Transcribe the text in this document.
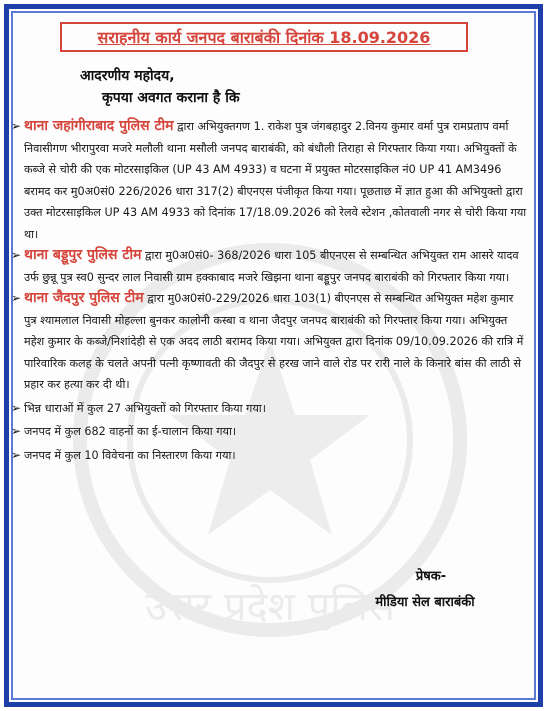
सराहनीय कार्य जनपद बाराबंकी दिनांक 18.09.2026
आदरणीय महोदय,
कृपया अवगत कराना है कि
➢ थाना जहांगीराबाद पुलिस टीम द्वारा अभियुक्तगण 1. राकेश पुत्र जंगबहादुर 2.विनय कुमार वर्मा पुत्र रामप्रताप वर्मा निवासीगण भीरापुरवा मजरे मलौली थाना मसौली जनपद बाराबंकी, को बंधौली तिराहा से गिरफ्तार किया गया। अभियुक्तों के कब्जे से चोरी की एक मोटरसाइकिल (UP 43 AM 4933) व घटना में प्रयुक्त मोटरसाइकिल नं0 UP 41 AM3496 बरामद कर मु0अ0सं0 226/2026 धारा 317(2) बीएनएस पंजीकृत किया गया। पूछताछ में ज्ञात हुआ की अभियुक्तो द्वारा उक्त मोटरसाइकिल UP 43 AM 4933 को दिनांक 17/18.09.2026 को रेलवे स्टेशन ,कोतवाली नगर से चोरी किया गया था।
➢ थाना बड्डूपुर पुलिस टीम द्वारा मु0अ0सं0- 368/2026 धारा 105 बीएनएस से सम्बन्धित अभियुक्त राम आसरे यादव उर्फ छुन्नू पुत्र स्व0 सुन्दर लाल निवासी ग्राम हक्काबाद मजरे खिझना थाना बड्डूपुर जनपद बाराबंकी को गिरफ्तार किया गया।
➢ थाना जैदपुर पुलिस टीम द्वारा मु0अ0सं0-229/2026 धारा 103(1) बीएनएस से सम्बन्धित अभियुक्त महेश कुमार पुत्र श्यामलाल निवासी मोहल्ला बुनकर कालोनी कस्बा व थाना जैदपुर जनपद बाराबंकी को गिरफ्तार किया गया। अभियुक्त महेश कुमार के कब्जे/निशांदेही से एक अदद लाठी बरामद किया गया। अभियुक्त द्वारा दिनांक 09/10.09.2026 की रात्रि में पारिवारिक कलह के चलते अपनी पत्नी कृष्णावती की जैदपुर से हरख जाने वाले रोड पर रारी नाले के किनारे बांस की लाठी से प्रहार कर हत्या कर दी थी।
➢ भिन्न धाराओं में कुल 27 अभियुक्तों को गिरफ्तार किया गया।
➢ जनपद में कुल 682 वाहनों का ई-चालान किया गया।
➢ जनपद में कुल 10 विवेचना का निस्तारण किया गया।
प्रेषक-
मीडिया सेल बाराबंकी
